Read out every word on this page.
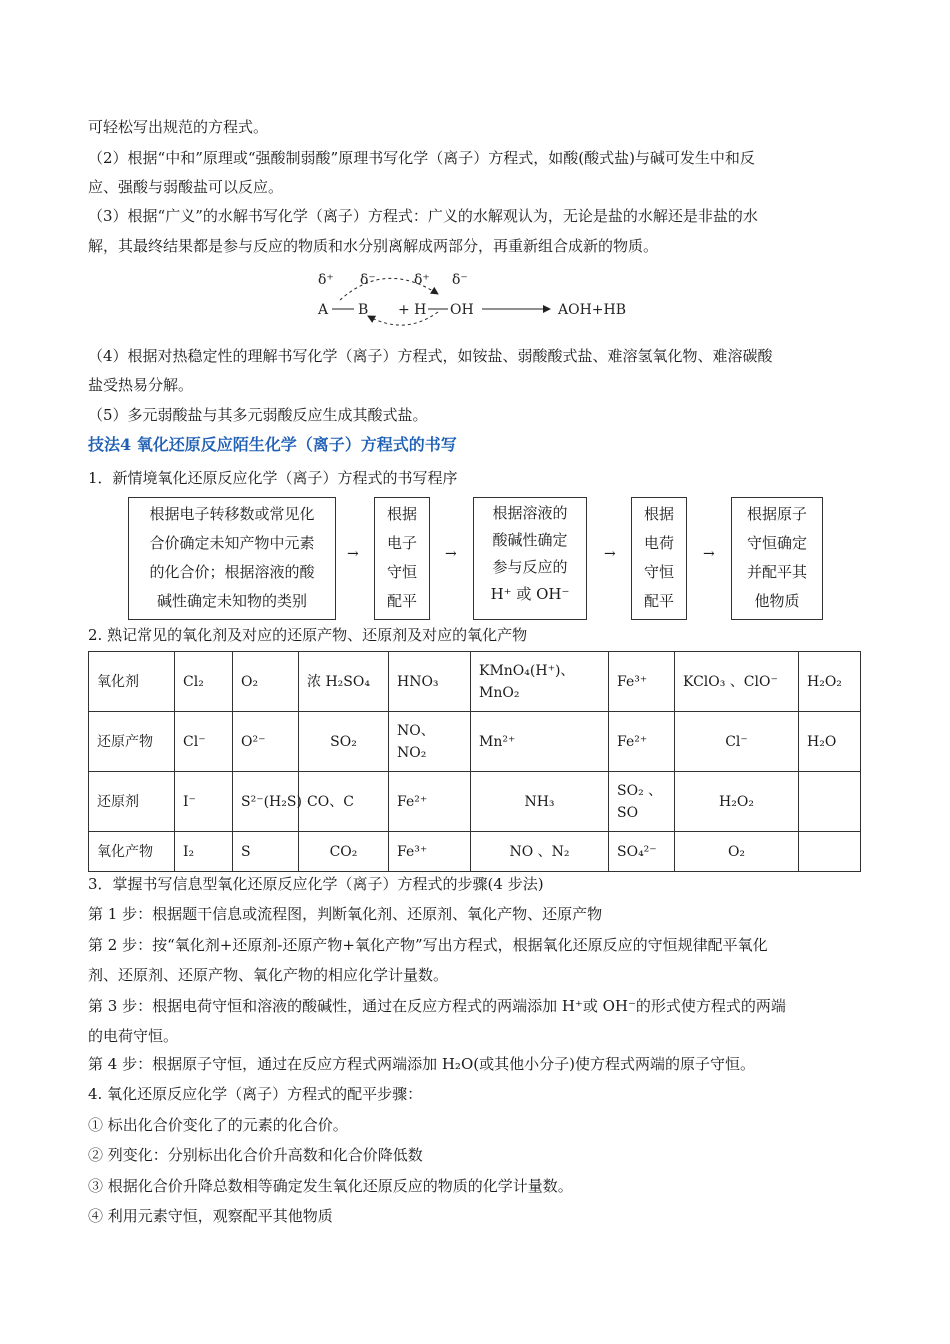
可轻松写出规范的方程式。
（2）根据“中和”原理或“强酸制弱酸”原理书写化学（离子）方程式，如酸(酸式盐)与碱可发生中和反
应、强酸与弱酸盐可以反应。
（3）根据“广义”的水解书写化学（离子）方程式：广义的水解观认为，无论是盐的水解还是非盐的水
解，其最终结果都是参与反应的物质和水分别离解成两部分，再重新组合成新的物质。
δ⁺ δ⁻	δ⁺ δ⁻
A B + H OH	AOH+HB
（4）根据对热稳定性的理解书写化学（离子）方程式，如铵盐、弱酸酸式盐、难溶氢氧化物、难溶碳酸
盐受热易分解。
（5）多元弱酸盐与其多元弱酸反应生成其酸式盐。
技法4 氧化还原反应陌生化学（离子）方程式的书写
1．新情境氧化还原反应化学（离子）方程式的书写程序
根据电子转移数或常见化
合价确定未知产物中元素
的化合价；根据溶液的酸
碱性确定未知物的类别
→
根据
电子
守恒
配平
→
根据溶液的
酸碱性确定
参与反应的
H⁺ 或 OH⁻
→
根据
电荷
守恒
配平
→
根据原子
守恒确定
并配平其
他物质
2. 熟记常见的氧化剂及对应的还原产物、还原剂及对应的氧化产物
氧化剂	Cl₂	O₂	浓 H₂SO₄	HNO₃	KMnO₄(H⁺)、MnO₂	Fe³⁺	KClO₃ 、ClO⁻	H₂O₂
还原产物	Cl⁻	O²⁻	SO₂	NO、NO₂	Mn²⁺	Fe²⁺	Cl⁻	H₂O
还原剂	I⁻	S²⁻(H₂S)	CO、C	Fe²⁺	NH₃	SO₂ 、SO	H₂O₂	
氧化产物	I₂	S	CO₂	Fe³⁺	NO 、N₂	SO₄²⁻	O₂	
3．掌握书写信息型氧化还原反应化学（离子）方程式的步骤(4 步法)
第 1 步：根据题干信息或流程图，判断氧化剂、还原剂、氧化产物、还原产物
第 2 步：按“氧化剂+还原剂-还原产物+氧化产物”写出方程式，根据氧化还原反应的守恒规律配平氧化
剂、还原剂、还原产物、氧化产物的相应化学计量数。
第 3 步：根据电荷守恒和溶液的酸碱性，通过在反应方程式的两端添加 H⁺或 OH⁻的形式使方程式的两端
的电荷守恒。
第 4 步：根据原子守恒，通过在反应方程式两端添加 H₂O(或其他小分子)使方程式两端的原子守恒。
4. 氧化还原反应化学（离子）方程式的配平步骤：
① 标出化合价变化了的元素的化合价。
② 列变化：分别标出化合价升高数和化合价降低数
③ 根据化合价升降总数相等确定发生氧化还原反应的物质的化学计量数。
④ 利用元素守恒，观察配平其他物质
